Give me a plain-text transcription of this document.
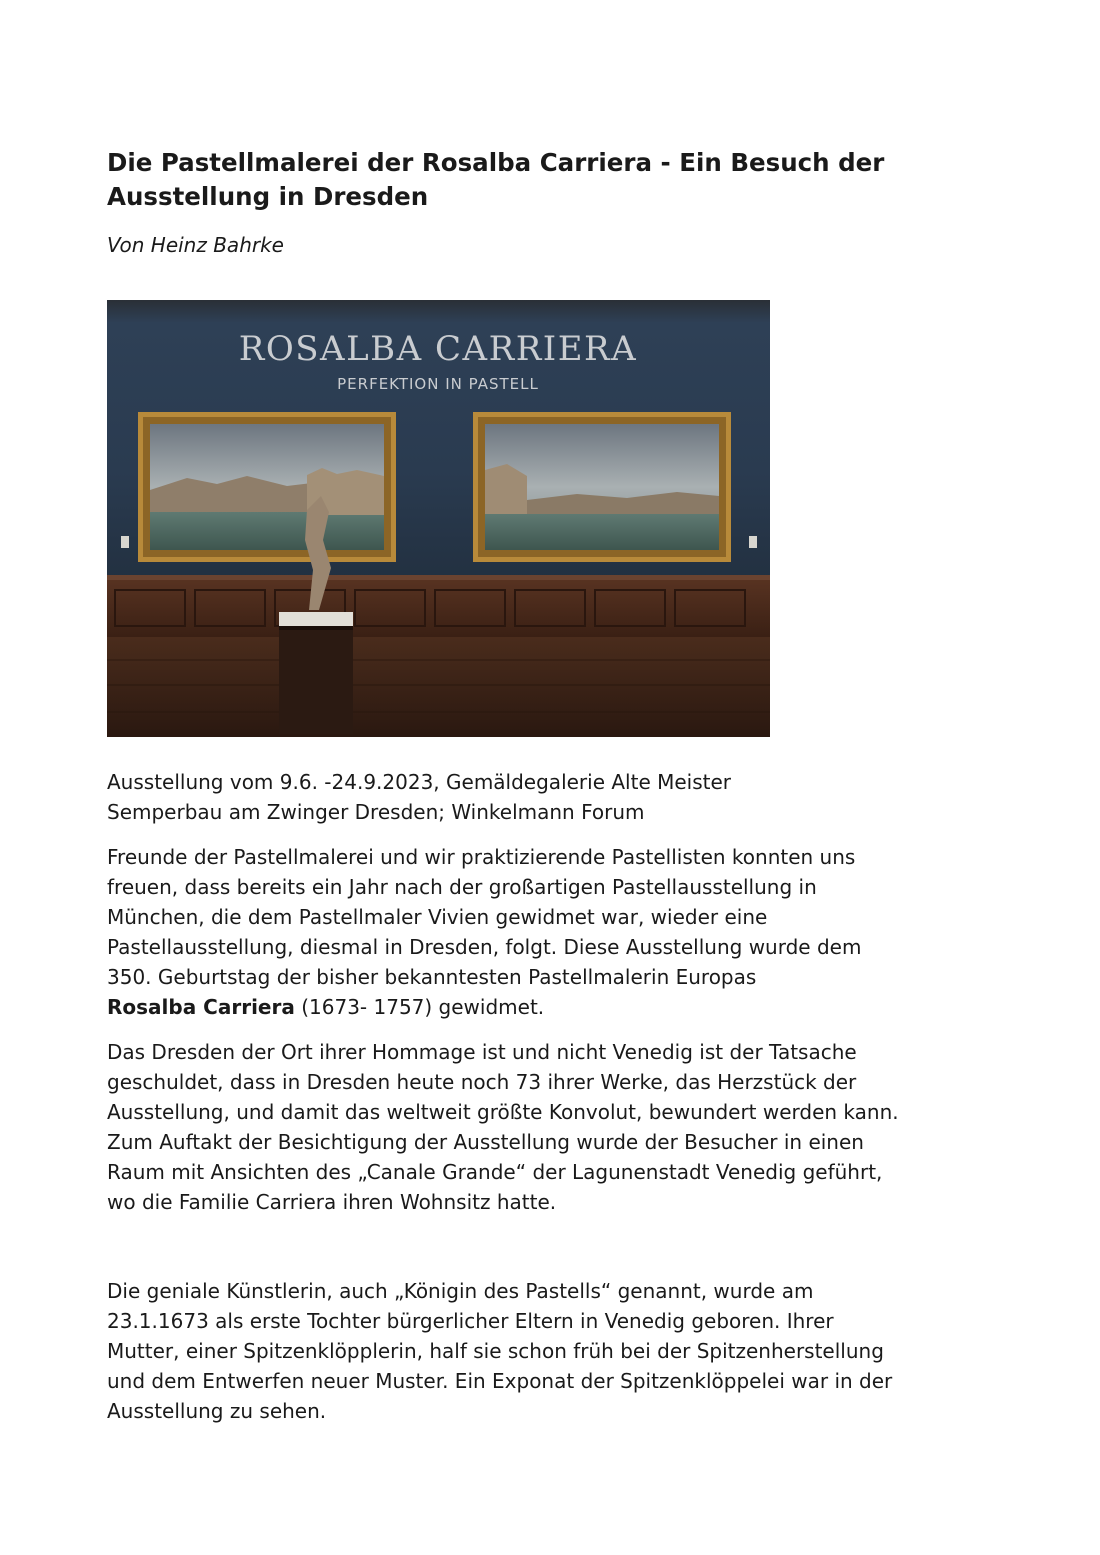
Die Pastellmalerei der Rosalba Carriera - Ein Besuch der
Ausstellung in Dresden

Von Heinz Bahrke

ROSALBA CARRIERA
PERFEKTION IN PASTELL

Ausstellung vom 9.6. -24.9.2023, Gemäldegalerie Alte Meister
Semperbau am Zwinger Dresden; Winkelmann Forum

Freunde der Pastellmalerei und wir praktizierende Pastellisten konnten uns
freuen, dass bereits ein Jahr nach der großartigen Pastellausstellung in
München, die dem Pastellmaler Vivien gewidmet war, wieder eine
Pastellausstellung, diesmal in Dresden, folgt. Diese Ausstellung wurde dem
350. Geburtstag der bisher bekanntesten Pastellmalerin Europas
Rosalba Carriera (1673- 1757) gewidmet.

Das Dresden der Ort ihrer Hommage ist und nicht Venedig ist der Tatsache
geschuldet, dass in Dresden heute noch 73 ihrer Werke, das Herzstück der
Ausstellung, und damit das weltweit größte Konvolut, bewundert werden kann.
Zum Auftakt der Besichtigung der Ausstellung wurde der Besucher in einen
Raum mit Ansichten des „Canale Grande“ der Lagunenstadt Venedig geführt,
wo die Familie Carriera ihren Wohnsitz hatte.

Die geniale Künstlerin, auch „Königin des Pastells“ genannt, wurde am
23.1.1673 als erste Tochter bürgerlicher Eltern in Venedig geboren. Ihrer
Mutter, einer Spitzenklöpplerin, half sie schon früh bei der Spitzenherstellung
und dem Entwerfen neuer Muster. Ein Exponat der Spitzenklöppelei war in der
Ausstellung zu sehen.
